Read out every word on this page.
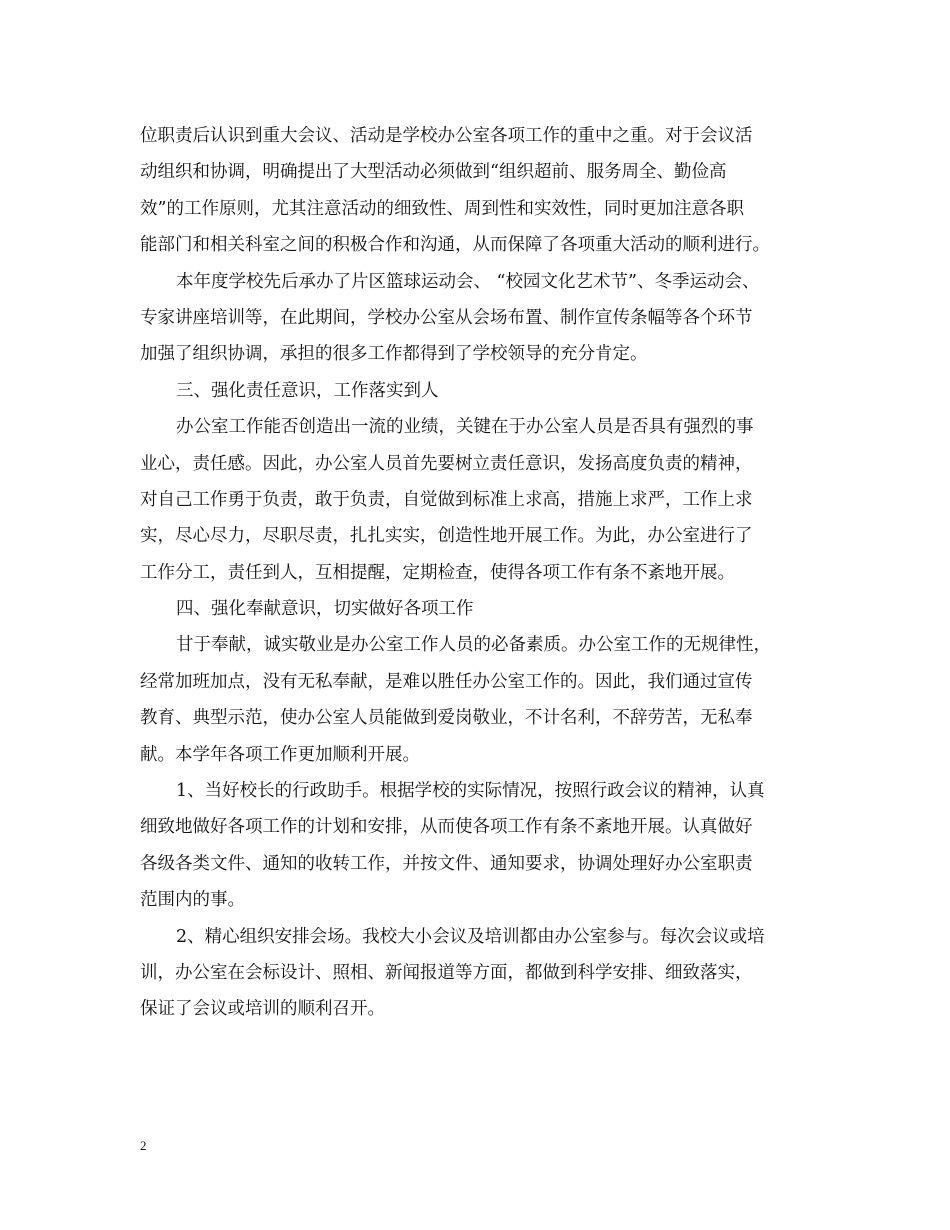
位职责后认识到重大会议、活动是学校办公室各项工作的重中之重。对于会议活
动组织和协调，明确提出了大型活动必须做到“组织超前、服务周全、勤俭高
效”的工作原则，尤其注意活动的细致性、周到性和实效性，同时更加注意各职
能部门和相关科室之间的积极合作和沟通，从而保障了各项重大活动的顺利进行。
本年度学校先后承办了片区篮球运动会、 “校园文化艺术节”、冬季运动会、
专家讲座培训等，在此期间，学校办公室从会场布置、制作宣传条幅等各个环节
加强了组织协调，承担的很多工作都得到了学校领导的充分肯定。
三、强化责任意识，工作落实到人
办公室工作能否创造出一流的业绩，关键在于办公室人员是否具有强烈的事
业心，责任感。因此，办公室人员首先要树立责任意识，发扬高度负责的精神，
对自己工作勇于负责，敢于负责，自觉做到标准上求高，措施上求严，工作上求
实，尽心尽力，尽职尽责，扎扎实实，创造性地开展工作。为此，办公室进行了
工作分工，责任到人，互相提醒，定期检查，使得各项工作有条不紊地开展。
四、强化奉献意识，切实做好各项工作
甘于奉献，诚实敬业是办公室工作人员的必备素质。办公室工作的无规律性，
经常加班加点，没有无私奉献，是难以胜任办公室工作的。因此，我们通过宣传
教育、典型示范，使办公室人员能做到爱岗敬业，不计名利，不辞劳苦，无私奉
献。本学年各项工作更加顺利开展。
1、当好校长的行政助手。根据学校的实际情况，按照行政会议的精神，认真
细致地做好各项工作的计划和安排，从而使各项工作有条不紊地开展。认真做好
各级各类文件、通知的收转工作，并按文件、通知要求，协调处理好办公室职责
范围内的事。
2、精心组织安排会场。我校大小会议及培训都由办公室参与。每次会议或培
训，办公室在会标设计、照相、新闻报道等方面，都做到科学安排、细致落实，
保证了会议或培训的顺利召开。
2
